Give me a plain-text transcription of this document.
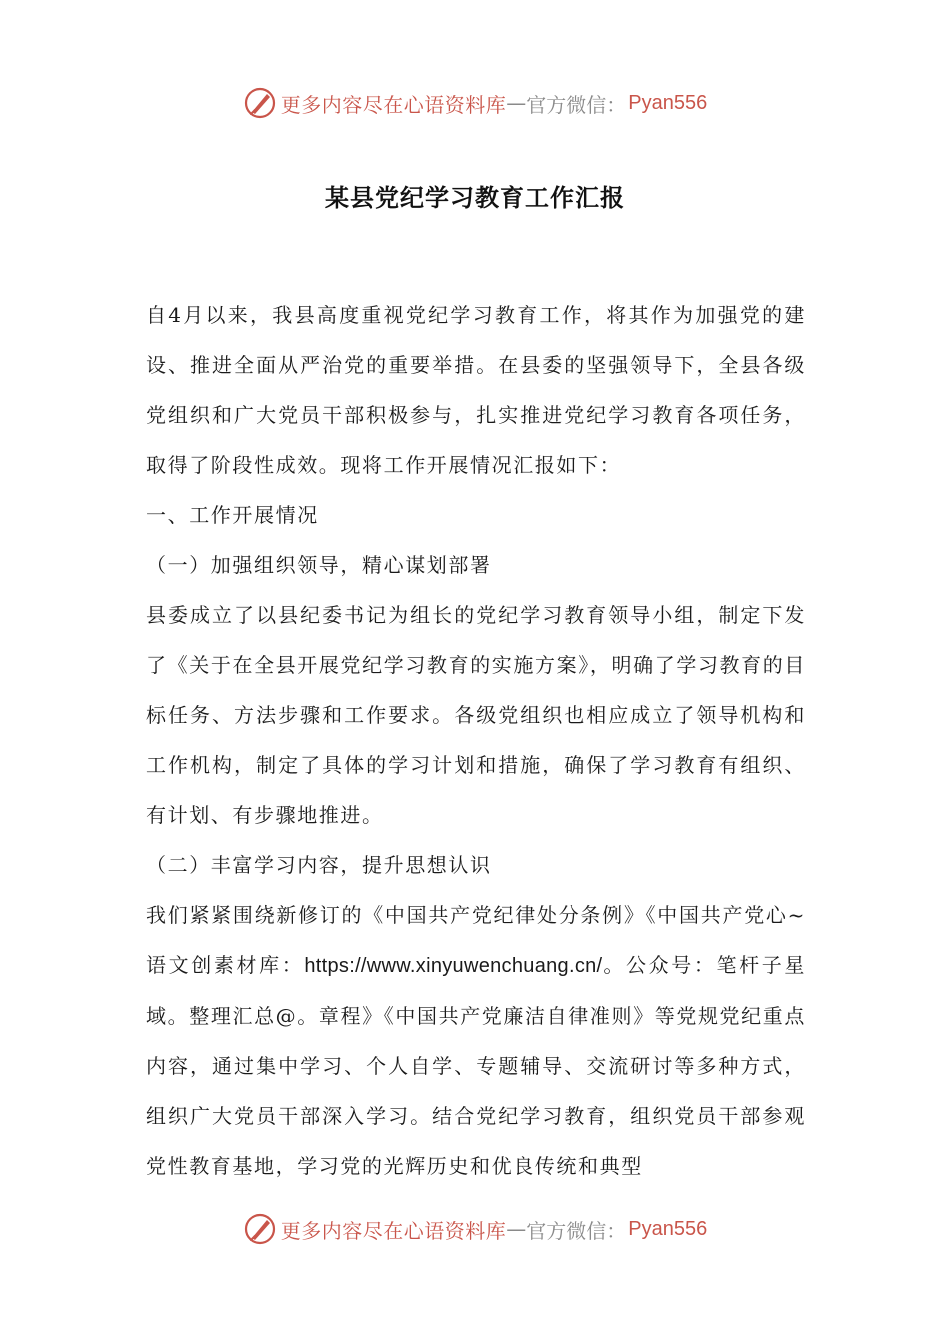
更多内容尽在心语资料库 — 官方微信： Pyan556
某县党纪学习教育工作汇报

自4月以来，我县高度重视党纪学习教育工作，将其作为加强党的建设、推进全面从严治党的重要举措。在县委的坚强领导下，全县各级党组织和广大党员干部积极参与，扎实推进党纪学习教育各项任务，取得了阶段性成效。现将工作开展情况汇报如下：

一、工作开展情况

（一）加强组织领导，精心谋划部署

县委成立了以县纪委书记为组长的党纪学习教育领导小组，制定下发了《关于在全县开展党纪学习教育的实施方案》，明确了学习教育的目标任务、方法步骤和工作要求。各级党组织也相应成立了领导机构和工作机构，制定了具体的学习计划和措施，确保了学习教育有组织、有计划、有步骤地推进。

（二）丰富学习内容，提升思想认识

我们紧紧围绕新修订的《中国共产党纪律处分条例》《中国共产党心~语文创素材库：https://www.xinyuwenchuang.cn/。公众号：笔杆子星域。整理汇总@。章程》《中国共产党廉洁自律准则》等党规党纪重点内容，通过集中学习、个人自学、专题辅导、交流研讨等多种方式，组织广大党员干部深入学习。结合党纪学习教育，组织党员干部参观党性教育基地，学习党的光辉历史和优良传统和典型

更多内容尽在心语资料库 — 官方微信： Pyan556
